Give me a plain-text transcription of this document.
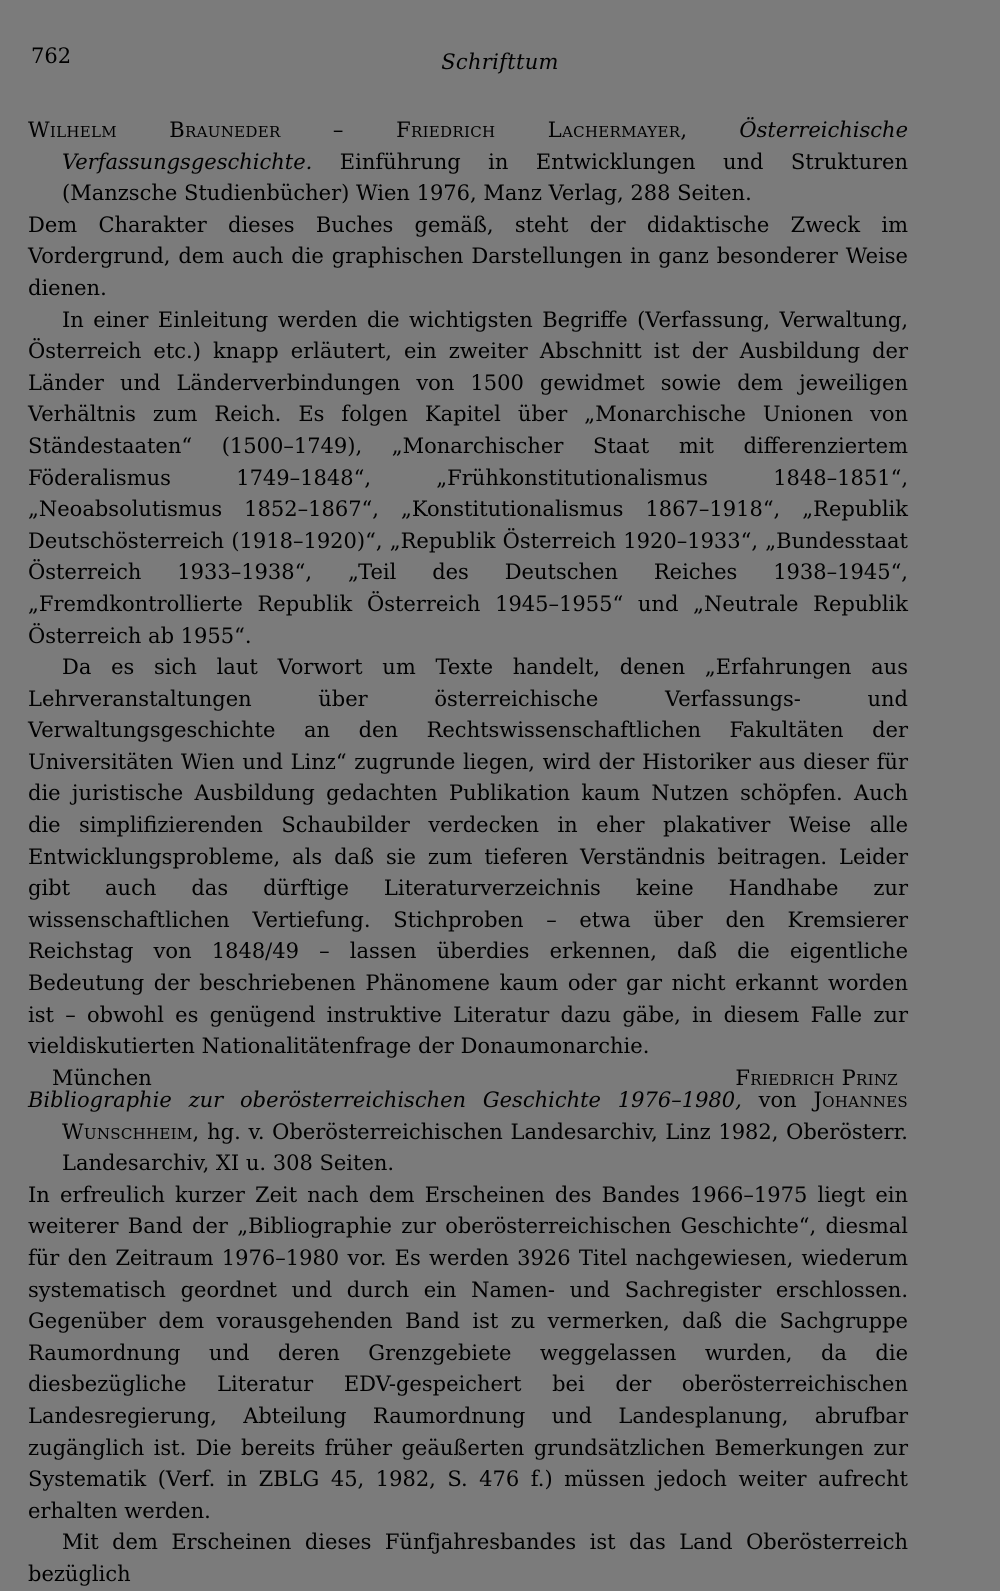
762	Schrifttum
Wilhelm Brauneder – Friedrich Lachermayer, Österreichische Verfassungsgeschichte. Einführung in Entwicklungen und Strukturen (Manzsche Studienbücher) Wien 1976, Manz Verlag, 288 Seiten.

Dem Charakter dieses Buches gemäß, steht der didaktische Zweck im Vordergrund, dem auch die graphischen Darstellungen in ganz besonderer Weise dienen.

In einer Einleitung werden die wichtigsten Begriffe (Verfassung, Verwaltung, Österreich etc.) knapp erläutert, ein zweiter Abschnitt ist der Ausbildung der Länder und Länderverbindungen von 1500 gewidmet sowie dem jeweiligen Verhältnis zum Reich. Es folgen Kapitel über „Monarchische Unionen von Ständestaaten“ (1500–1749), „Monarchischer Staat mit differenziertem Föderalismus 1749–1848“, „Frühkonstitutionalismus 1848–1851“, „Neoabsolutismus 1852–1867“, „Konstitutionalismus 1867–1918“, „Republik Deutschösterreich (1918–1920)“, „Republik Österreich 1920–1933“, „Bundesstaat Österreich 1933–1938“, „Teil des Deutschen Reiches 1938–1945“, „Fremdkontrollierte Republik Österreich 1945–1955“ und „Neutrale Republik Österreich ab 1955“.

Da es sich laut Vorwort um Texte handelt, denen „Erfahrungen aus Lehrveranstaltungen über österreichische Verfassungs- und Verwaltungsgeschichte an den Rechtswissenschaftlichen Fakultäten der Universitäten Wien und Linz“ zugrunde liegen, wird der Historiker aus dieser für die juristische Ausbildung gedachten Publikation kaum Nutzen schöpfen. Auch die simplifizierenden Schaubilder verdecken in eher plakativer Weise alle Entwicklungsprobleme, als daß sie zum tieferen Verständnis beitragen. Leider gibt auch das dürftige Literaturverzeichnis keine Handhabe zur wissenschaftlichen Vertiefung. Stichproben – etwa über den Kremsierer Reichstag von 1848/49 – lassen überdies erkennen, daß die eigentliche Bedeutung der beschriebenen Phänomene kaum oder gar nicht erkannt worden ist – obwohl es genügend instruktive Literatur dazu gäbe, in diesem Falle zur vieldiskutierten Nationalitätenfrage der Donaumonarchie.

München	Friedrich Prinz
Bibliographie zur oberösterreichischen Geschichte 1976–1980, von Johannes Wunschheim, hg. v. Oberösterreichischen Landesarchiv, Linz 1982, Oberösterr. Landesarchiv, XI u. 308 Seiten.

In erfreulich kurzer Zeit nach dem Erscheinen des Bandes 1966–1975 liegt ein weiterer Band der „Bibliographie zur oberösterreichischen Geschichte“, diesmal für den Zeitraum 1976–1980 vor. Es werden 3926 Titel nachgewiesen, wiederum systematisch geordnet und durch ein Namen- und Sachregister erschlossen. Gegenüber dem vorausgehenden Band ist zu vermerken, daß die Sachgruppe Raumordnung und deren Grenzgebiete weggelassen wurden, da die diesbezügliche Literatur EDV-gespeichert bei der oberösterreichischen Landesregierung, Abteilung Raumordnung und Landesplanung, abrufbar zugänglich ist. Die bereits früher geäußerten grundsätzlichen Bemerkungen zur Systematik (Verf. in ZBLG 45, 1982, S. 476 f.) müssen jedoch weiter aufrecht erhalten werden.

Mit dem Erscheinen dieses Fünfjahresbandes ist das Land Oberösterreich bezüglich
